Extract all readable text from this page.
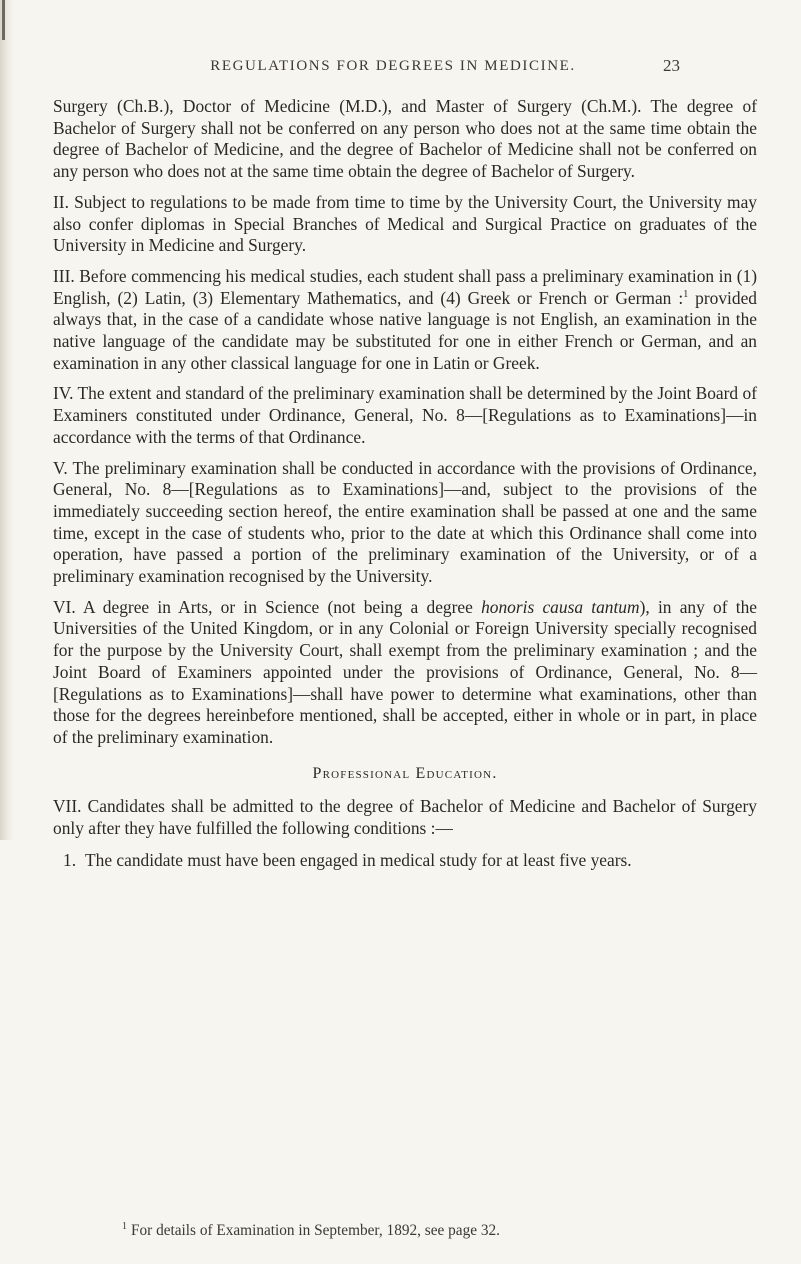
REGULATIONS FOR DEGREES IN MEDICINE.	23

Surgery (Ch.B.), Doctor of Medicine (M.D.), and Master of Surgery (Ch.M.). The degree of Bachelor of Surgery shall not be conferred on any person who does not at the same time obtain the degree of Bachelor of Medicine, and the degree of Bachelor of Medicine shall not be conferred on any person who does not at the same time obtain the degree of Bachelor of Surgery.

II. Subject to regulations to be made from time to time by the University Court, the University may also confer diplomas in Special Branches of Medical and Surgical Practice on graduates of the University in Medicine and Surgery.

III. Before commencing his medical studies, each student shall pass a preliminary examination in (1) English, (2) Latin, (3) Elementary Mathematics, and (4) Greek or French or German :$^1$ provided always that, in the case of a candidate whose native language is not English, an examination in the native language of the candidate may be substituted for one in either French or German, and an examination in any other classical language for one in Latin or Greek.

IV. The extent and standard of the preliminary examination shall be determined by the Joint Board of Examiners constituted under Ordinance, General, No. 8—[Regulations as to Examinations]—in accordance with the terms of that Ordinance.

V. The preliminary examination shall be conducted in accordance with the provisions of Ordinance, General, No. 8—[Regulations as to Examinations]—and, subject to the provisions of the immediately succeeding section hereof, the entire examination shall be passed at one and the same time, except in the case of students who, prior to the date at which this Ordinance shall come into operation, have passed a portion of the preliminary examination of the University, or of a preliminary examination recognised by the University.

VI. A degree in Arts, or in Science (not being a degree honoris causa tantum), in any of the Universities of the United Kingdom, or in any Colonial or Foreign University specially recognised for the purpose by the University Court, shall exempt from the preliminary examination ; and the Joint Board of Examiners appointed under the provisions of Ordinance, General, No. 8—[Regulations as to Examinations]—shall have power to determine what examinations, other than those for the degrees hereinbefore mentioned, shall be accepted, either in whole or in part, in place of the preliminary examination.

Professional Education.

VII. Candidates shall be admitted to the degree of Bachelor of Medicine and Bachelor of Surgery only after they have fulfilled the following conditions :—

1. The candidate must have been engaged in medical study for at least five years.
$^1$ For details of Examination in September, 1892, see page 32.
